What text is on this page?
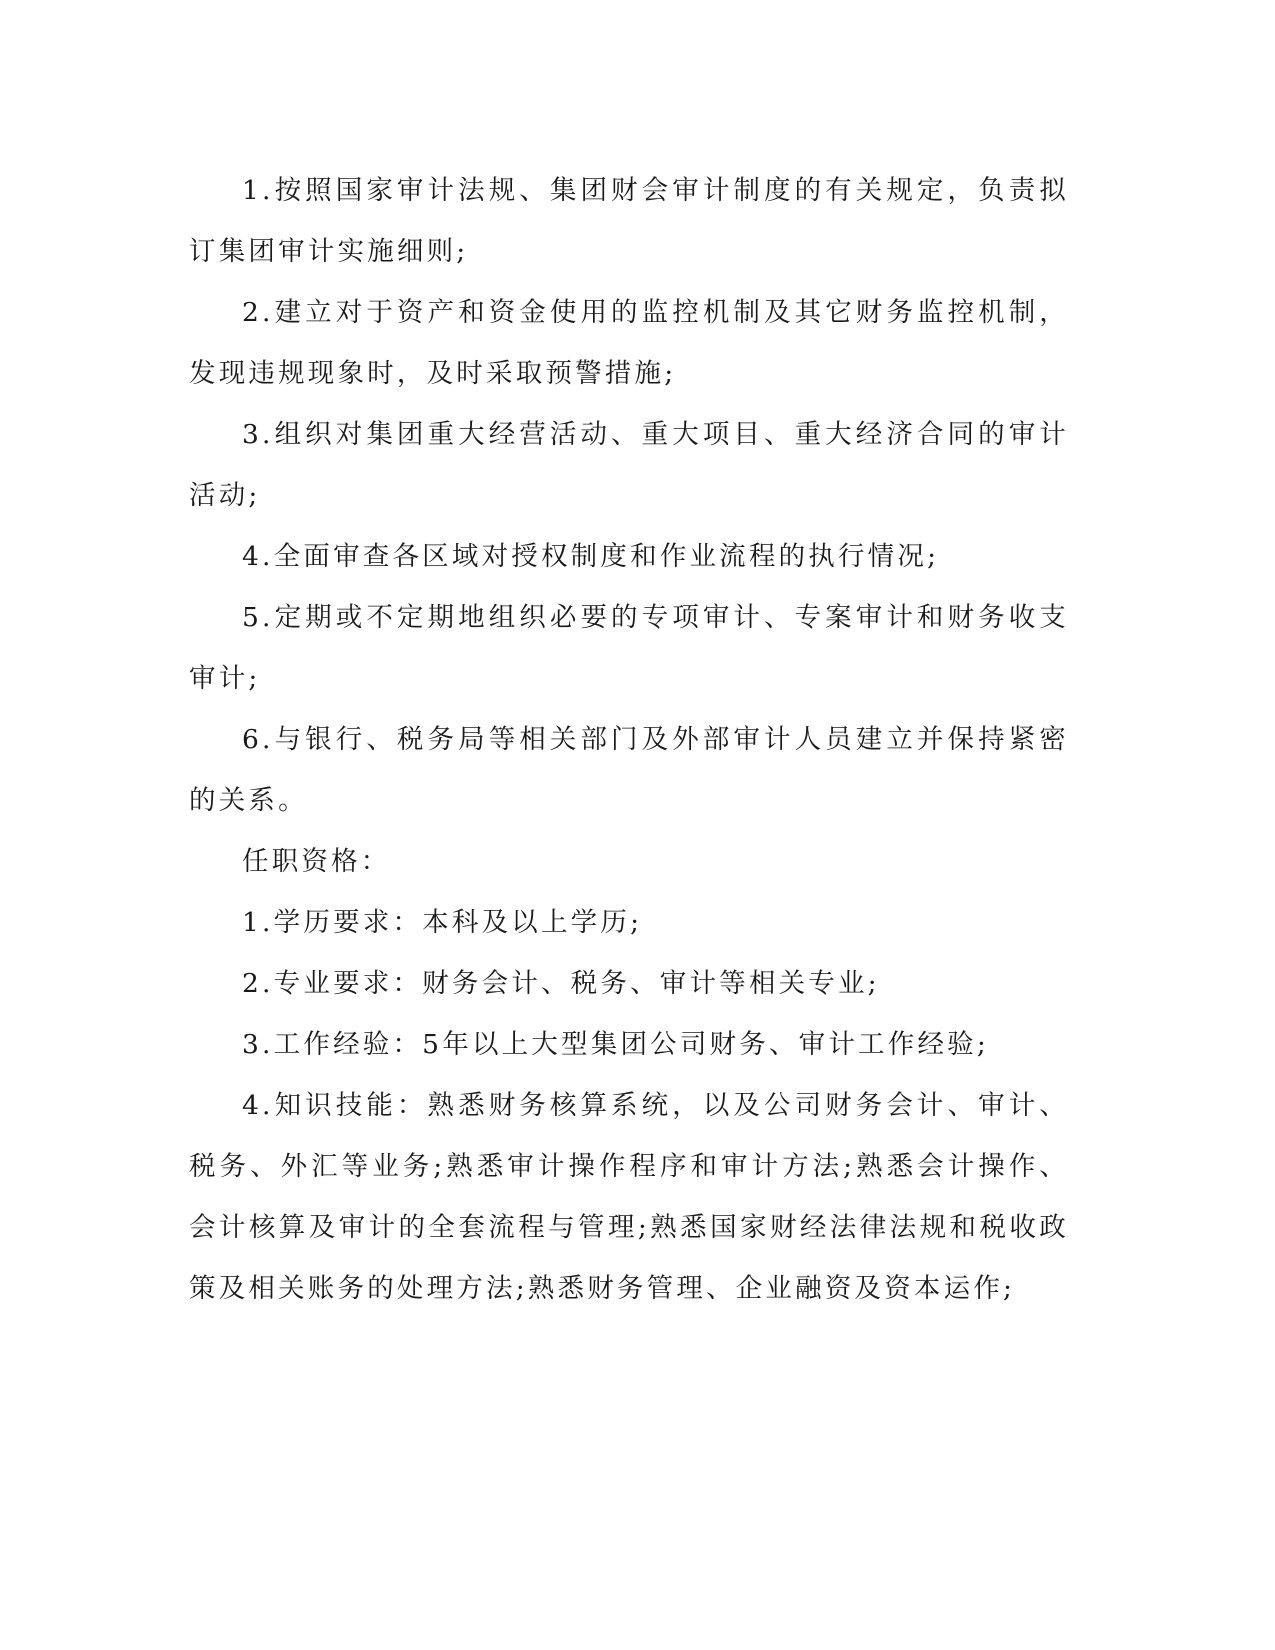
1.按照国家审计法规、集团财会审计制度的有关规定，负责拟订集团审计实施细则;

2.建立对于资产和资金使用的监控机制及其它财务监控机制，发现违规现象时，及时采取预警措施;

3.组织对集团重大经营活动、重大项目、重大经济合同的审计活动;

4.全面审查各区域对授权制度和作业流程的执行情况;

5.定期或不定期地组织必要的专项审计、专案审计和财务收支审计;

6.与银行、税务局等相关部门及外部审计人员建立并保持紧密的关系。

任职资格：

1.学历要求：本科及以上学历;

2.专业要求：财务会计、税务、审计等相关专业;

3.工作经验：5年以上大型集团公司财务、审计工作经验;

4.知识技能：熟悉财务核算系统，以及公司财务会计、审计、税务、外汇等业务;熟悉审计操作程序和审计方法;熟悉会计操作、会计核算及审计的全套流程与管理;熟悉国家财经法律法规和税收政策及相关账务的处理方法;熟悉财务管理、企业融资及资本运作;
